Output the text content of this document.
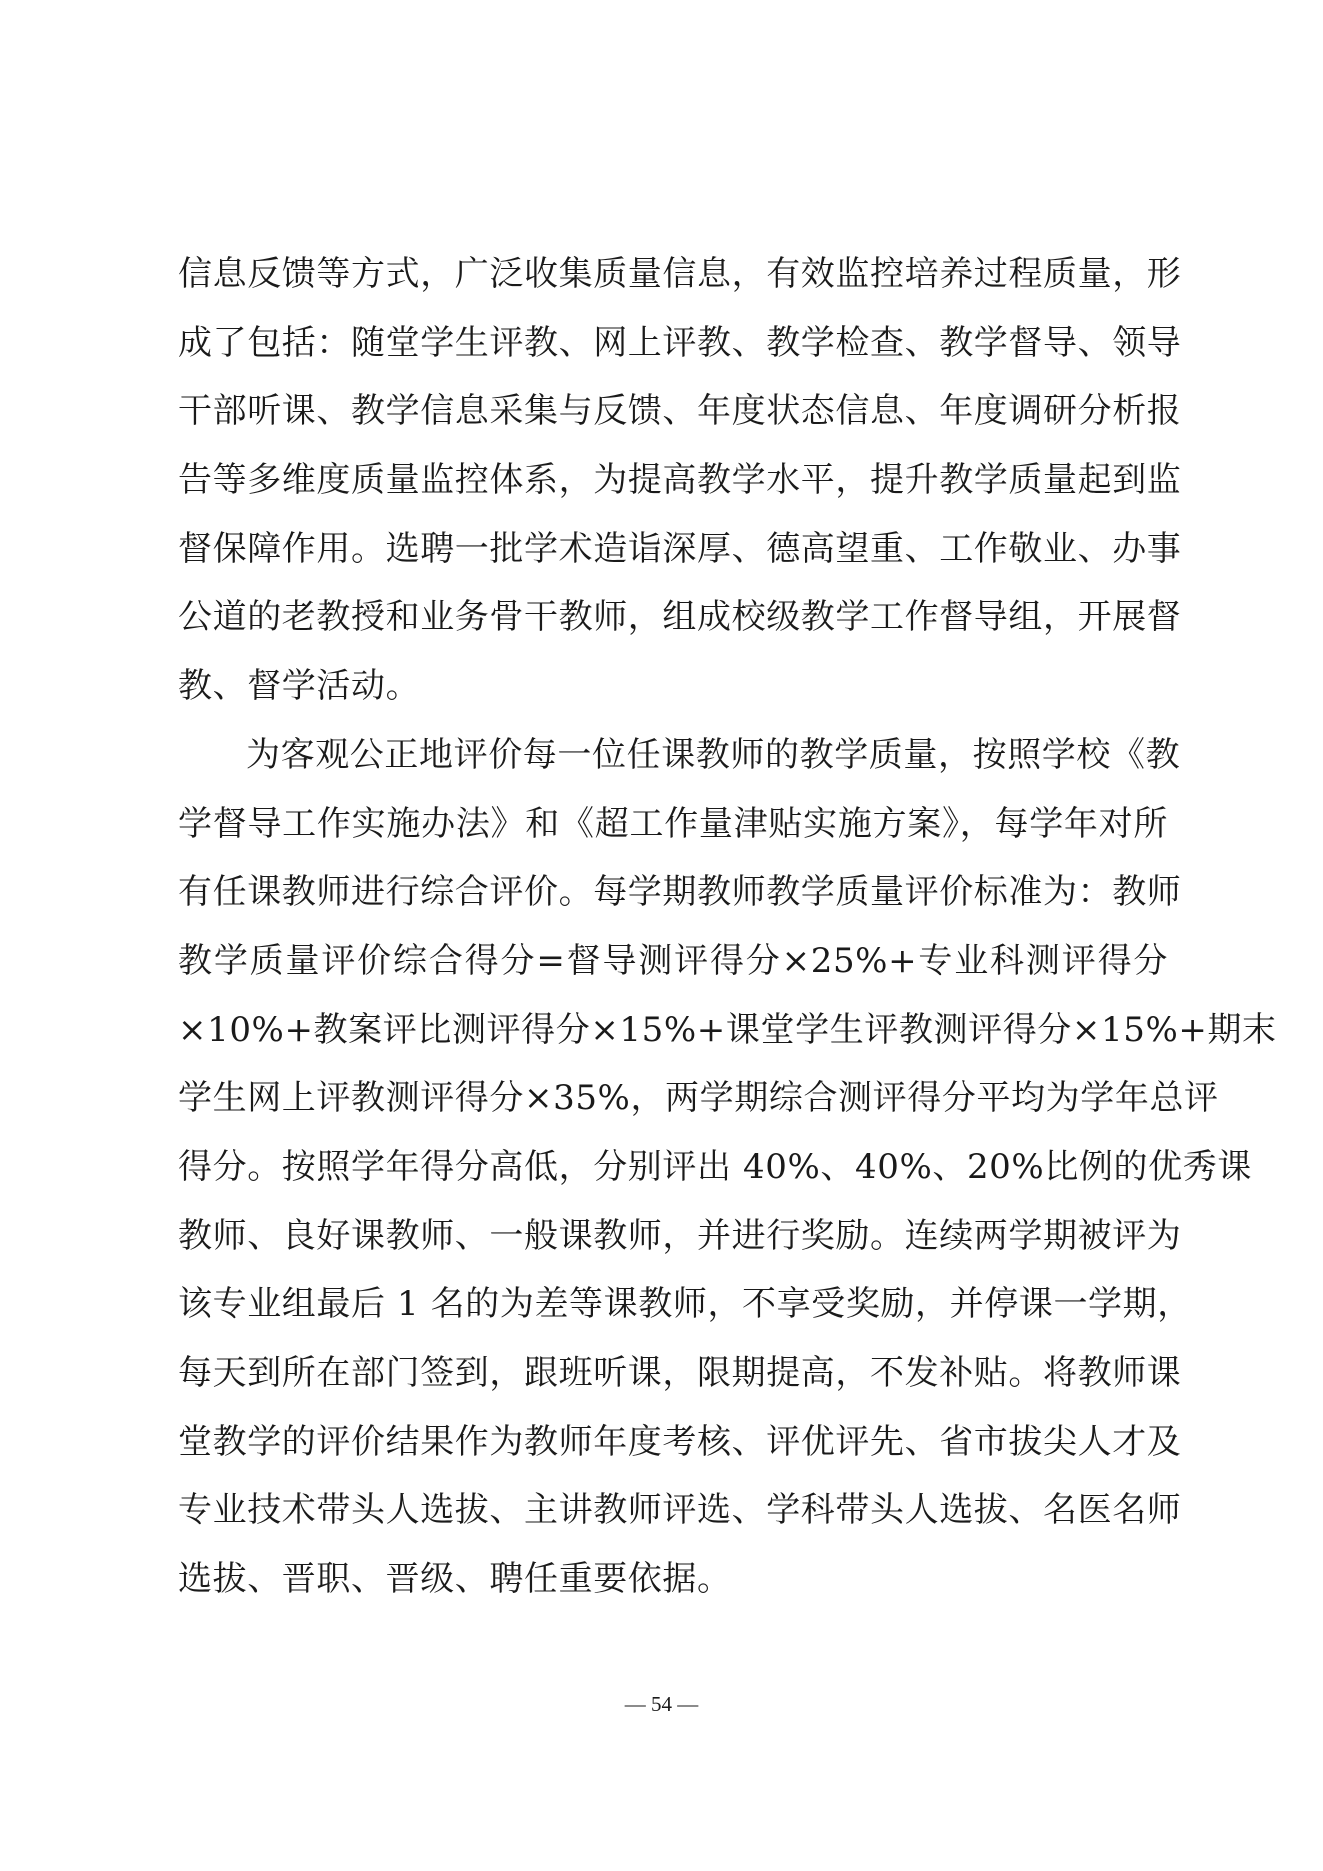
信息反馈等方式，广泛收集质量信息，有效监控培养过程质量，形
成了包括：随堂学生评教、网上评教、教学检查、教学督导、领导
干部听课、教学信息采集与反馈、年度状态信息、年度调研分析报
告等多维度质量监控体系，为提高教学水平，提升教学质量起到监
督保障作用。选聘一批学术造诣深厚、德高望重、工作敬业、办事
公道的老教授和业务骨干教师，组成校级教学工作督导组，开展督
教、督学活动。
为客观公正地评价每一位任课教师的教学质量，按照学校《教
学督导工作实施办法》和《超工作量津贴实施方案》，每学年对所
有任课教师进行综合评价。每学期教师教学质量评价标准为：教师
教学质量评价综合得分=督导测评得分×25%+专业科测评得分
×10%+教案评比测评得分×15%+课堂学生评教测评得分×15%+期末
学生网上评教测评得分×35%，两学期综合测评得分平均为学年总评
得分。按照学年得分高低，分别评出 40%、40%、20%比例的优秀课
教师、良好课教师、一般课教师，并进行奖励。连续两学期被评为
该专业组最后 1 名的为差等课教师，不享受奖励，并停课一学期，
每天到所在部门签到，跟班听课，限期提高，不发补贴。将教师课
堂教学的评价结果作为教师年度考核、评优评先、省市拔尖人才及
专业技术带头人选拔、主讲教师评选、学科带头人选拔、名医名师
选拔、晋职、晋级、聘任重要依据。
— 54 —
